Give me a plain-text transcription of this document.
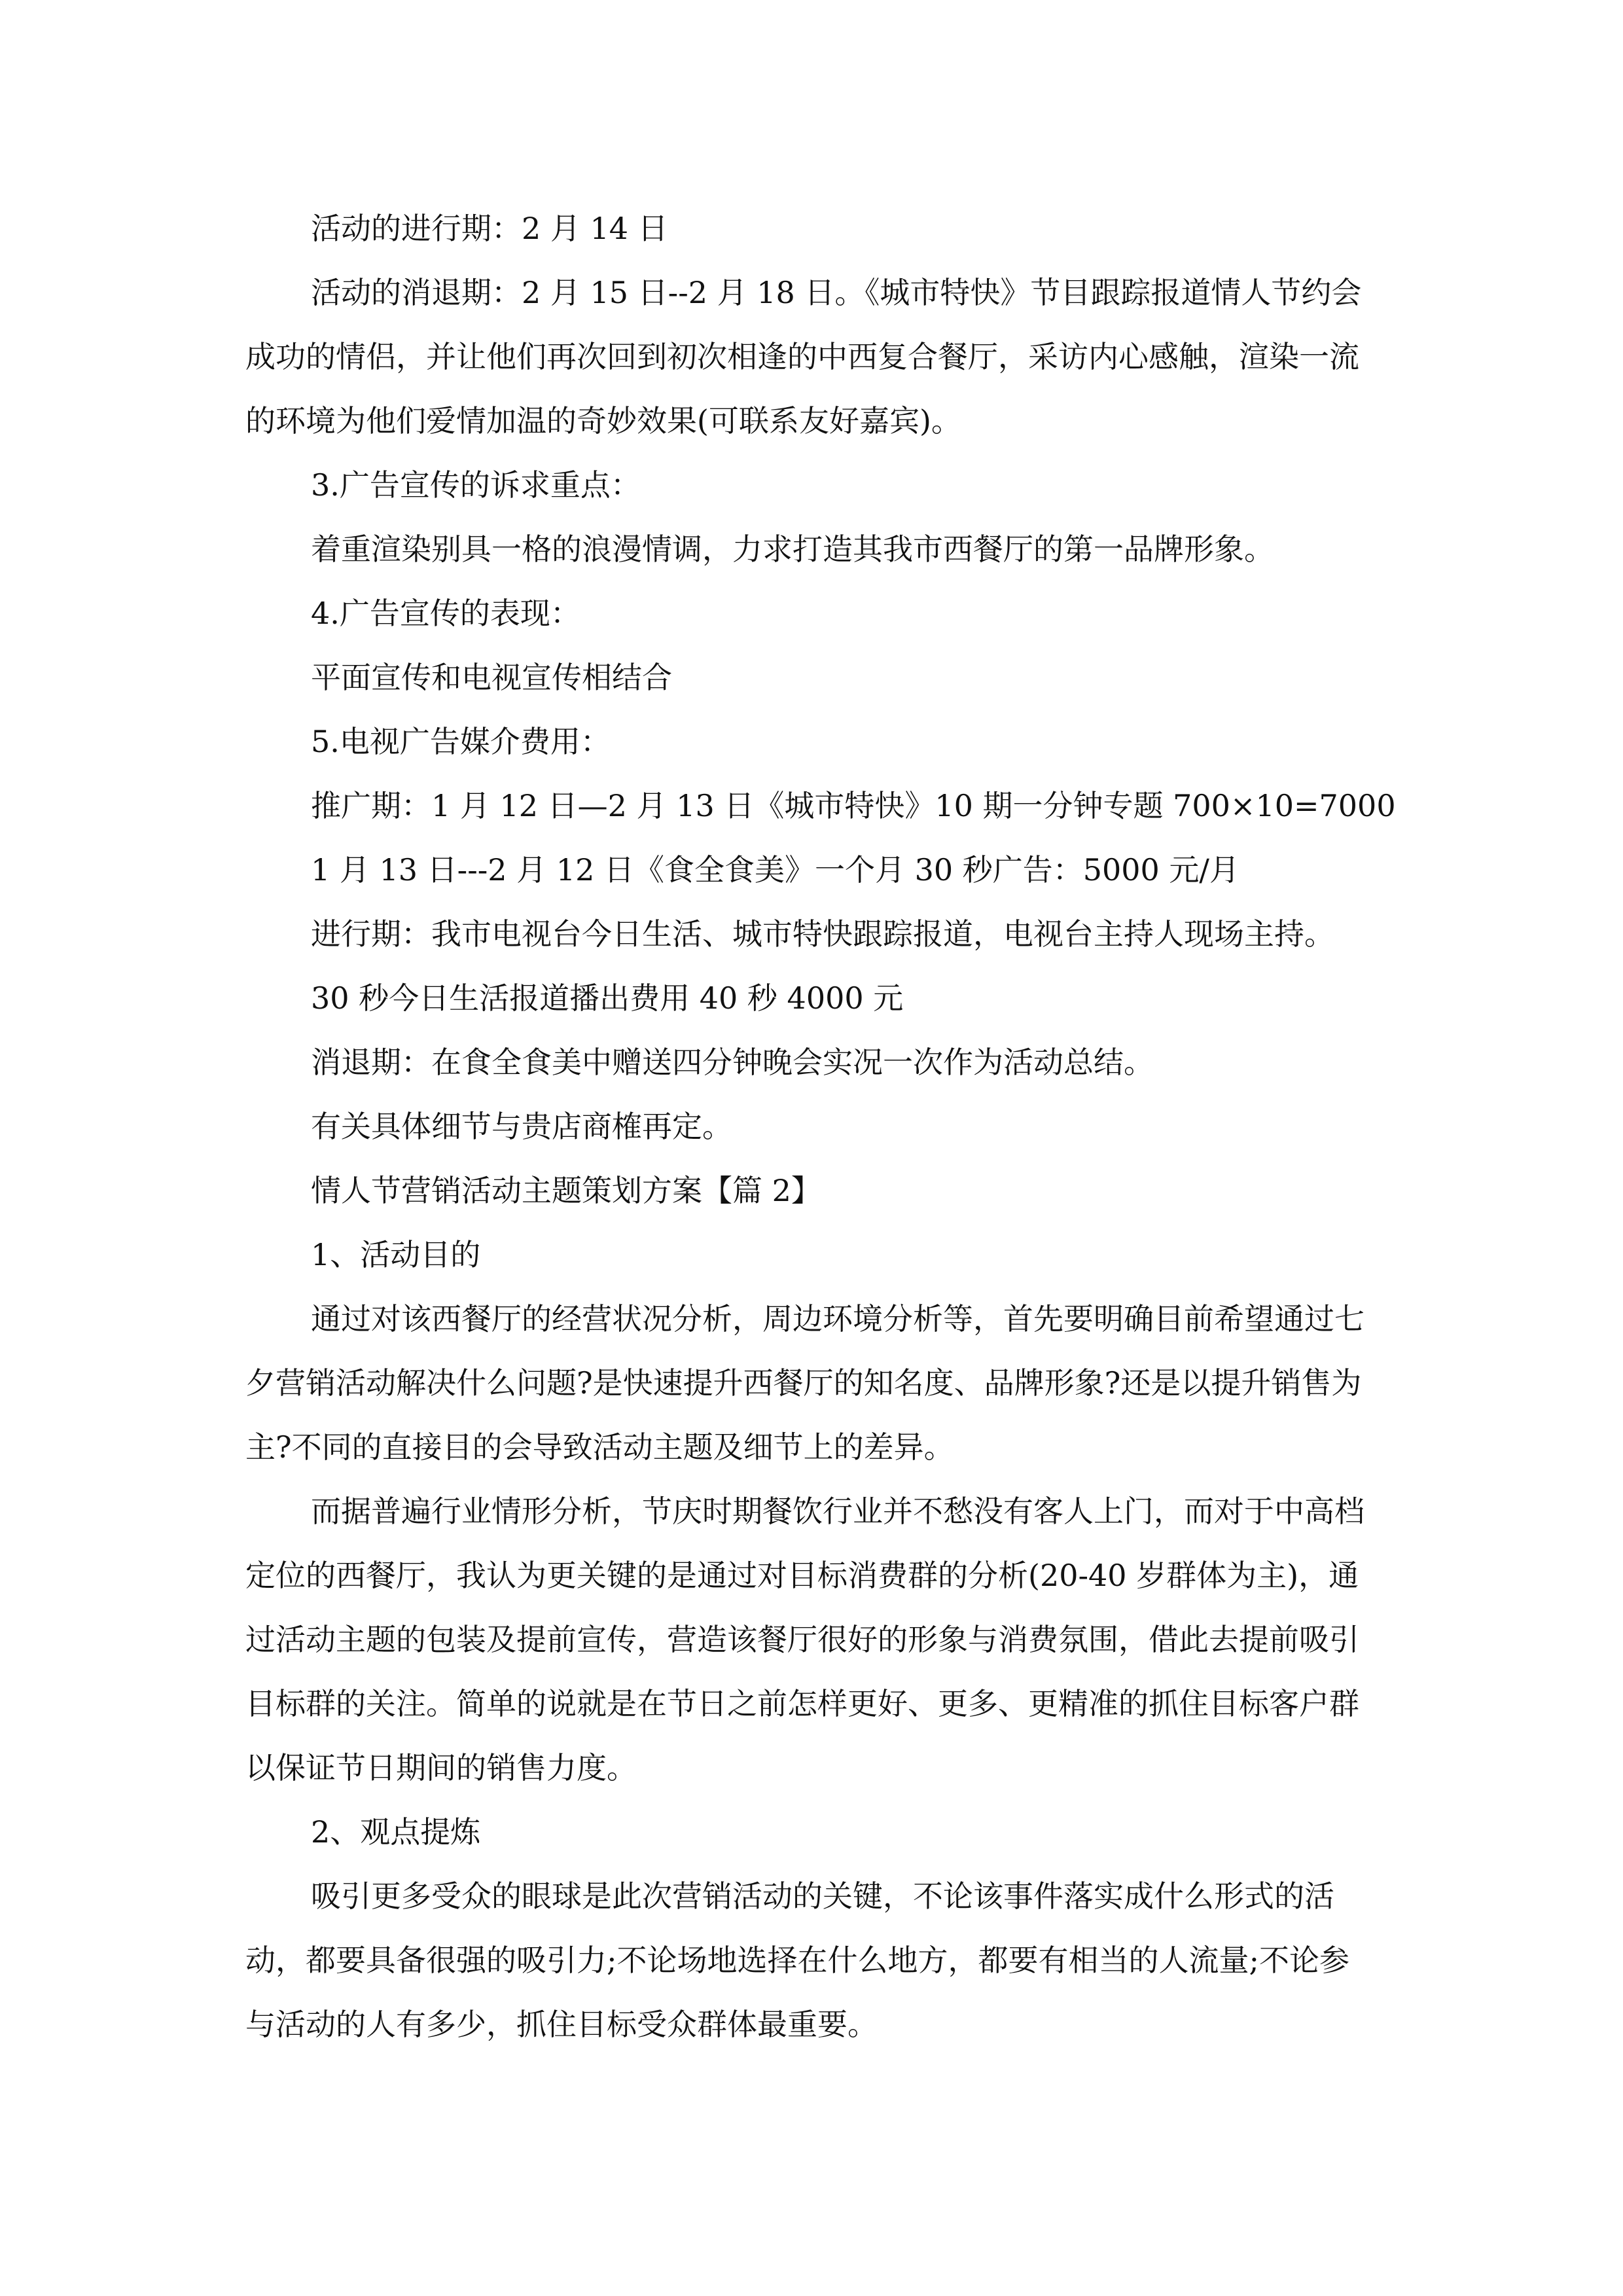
活动的进行期：2 月 14 日

活动的消退期：2 月 15 日--2 月 18 日。《城市特快》节目跟踪报道情人节约会成功的情侣，并让他们再次回到初次相逢的中西复合餐厅，采访内心感触，渲染一流的环境为他们爱情加温的奇妙效果(可联系友好嘉宾)。

3.广告宣传的诉求重点：

着重渲染别具一格的浪漫情调，力求打造其我市西餐厅的第一品牌形象。

4.广告宣传的表现：

平面宣传和电视宣传相结合

5.电视广告媒介费用：

推广期：1 月 12 日—2 月 13 日《城市特快》10 期一分钟专题 700×10=7000

1 月 13 日---2 月 12 日《食全食美》一个月 30 秒广告：5000 元/月

进行期：我市电视台今日生活、城市特快跟踪报道，电视台主持人现场主持。

30 秒今日生活报道播出费用 40 秒 4000 元

消退期：在食全食美中赠送四分钟晚会实况一次作为活动总结。

有关具体细节与贵店商榷再定。

情人节营销活动主题策划方案【篇 2】

1、活动目的

通过对该西餐厅的经营状况分析，周边环境分析等，首先要明确目前希望通过七夕营销活动解决什么问题?是快速提升西餐厅的知名度、品牌形象?还是以提升销售为主?不同的直接目的会导致活动主题及细节上的差异。

而据普遍行业情形分析，节庆时期餐饮行业并不愁没有客人上门，而对于中高档定位的西餐厅，我认为更关键的是通过对目标消费群的分析(20-40 岁群体为主)，通过活动主题的包装及提前宣传，营造该餐厅很好的形象与消费氛围，借此去提前吸引目标群的关注。简单的说就是在节日之前怎样更好、更多、更精准的抓住目标客户群以保证节日期间的销售力度。

2、观点提炼

吸引更多受众的眼球是此次营销活动的关键，不论该事件落实成什么形式的活动，都要具备很强的吸引力;不论场地选择在什么地方，都要有相当的人流量;不论参与活动的人有多少，抓住目标受众群体最重要。
